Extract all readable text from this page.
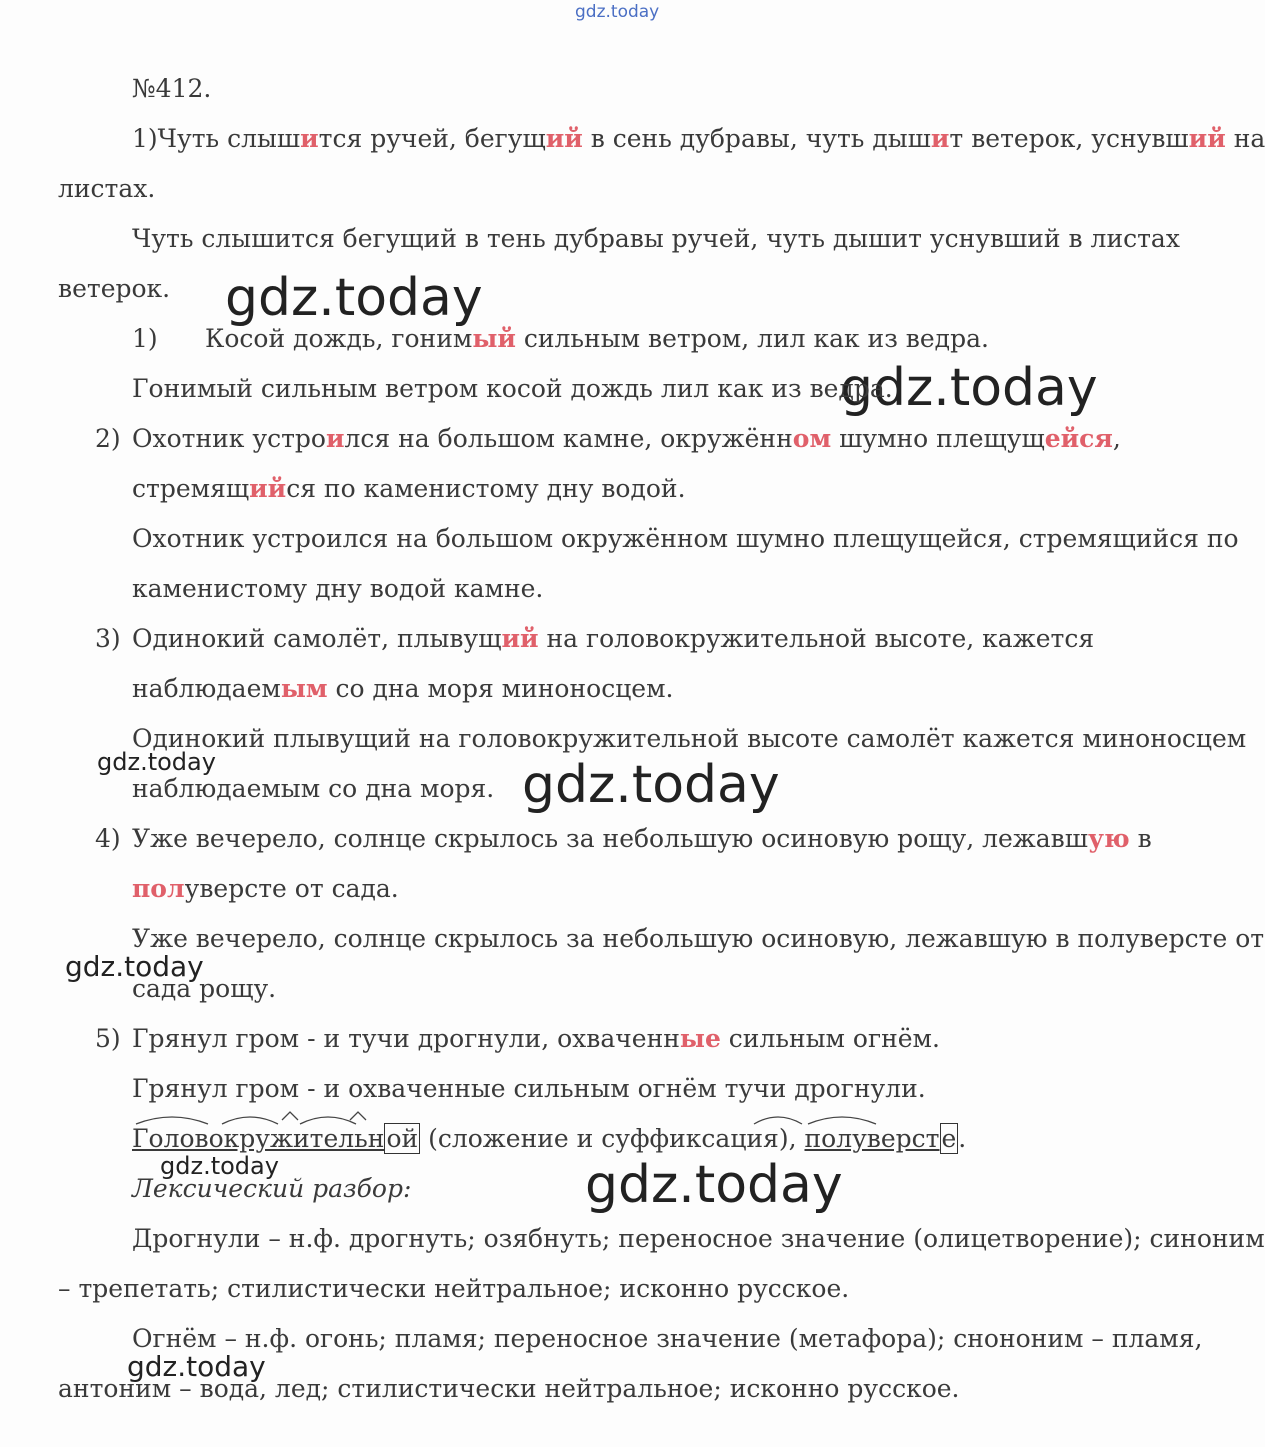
gdz.today
gdz.today
gdz.today
gdz.today	gdz.today
gdz.today
gdz.today	gdz.today
gdz.today
№412.
1)Чуть слышится ручей, бегущий в сень дубравы, чуть дышит ветерок, уснувший на
листах.
Чуть слышится бегущий в тень дубравы ручей, чуть дышит уснувший в листах
ветерок.
1) Косой дождь, гонимый сильным ветром, лил как из ведра.
Гонимый сильным ветром косой дождь лил как из ведра.
2) Охотник устроился на большом камне, окружённом шумно плещущейся,
стремящийся по каменистому дну водой.
Охотник устроился на большом окружённом шумно плещущейся, стремящийся по
каменистому дну водой камне.
3) Одинокий самолёт, плывущий на головокружительной высоте, кажется
наблюдаемым со дна моря миноносцем.
Одинокий плывущий на головокружительной высоте самолёт кажется миноносцем
наблюдаемым со дна моря.
4) Уже вечерело, солнце скрылось за небольшую осиновую рощу, лежавшую в
полуверсте от сада.
Уже вечерело, солнце скрылось за небольшую осиновую, лежавшую в полуверсте от
сада рощу.
5) Грянул гром - и тучи дрогнули, охваченные сильным огнём.
Грянул гром - и охваченные сильным огнём тучи дрогнули.
Головокружительной (сложение и суффиксация), полуверсте.
Лексический разбор:
Дрогнули – н.ф. дрогнуть; озябнуть; переносное значение (олицетворение); синоним
– трепетать; стилистически нейтральное; исконно русское.
Огнём – н.ф. огонь; пламя; переносное значение (метафора); снононим – пламя,
антоним – вода, лед; стилистически нейтральное; исконно русское.
